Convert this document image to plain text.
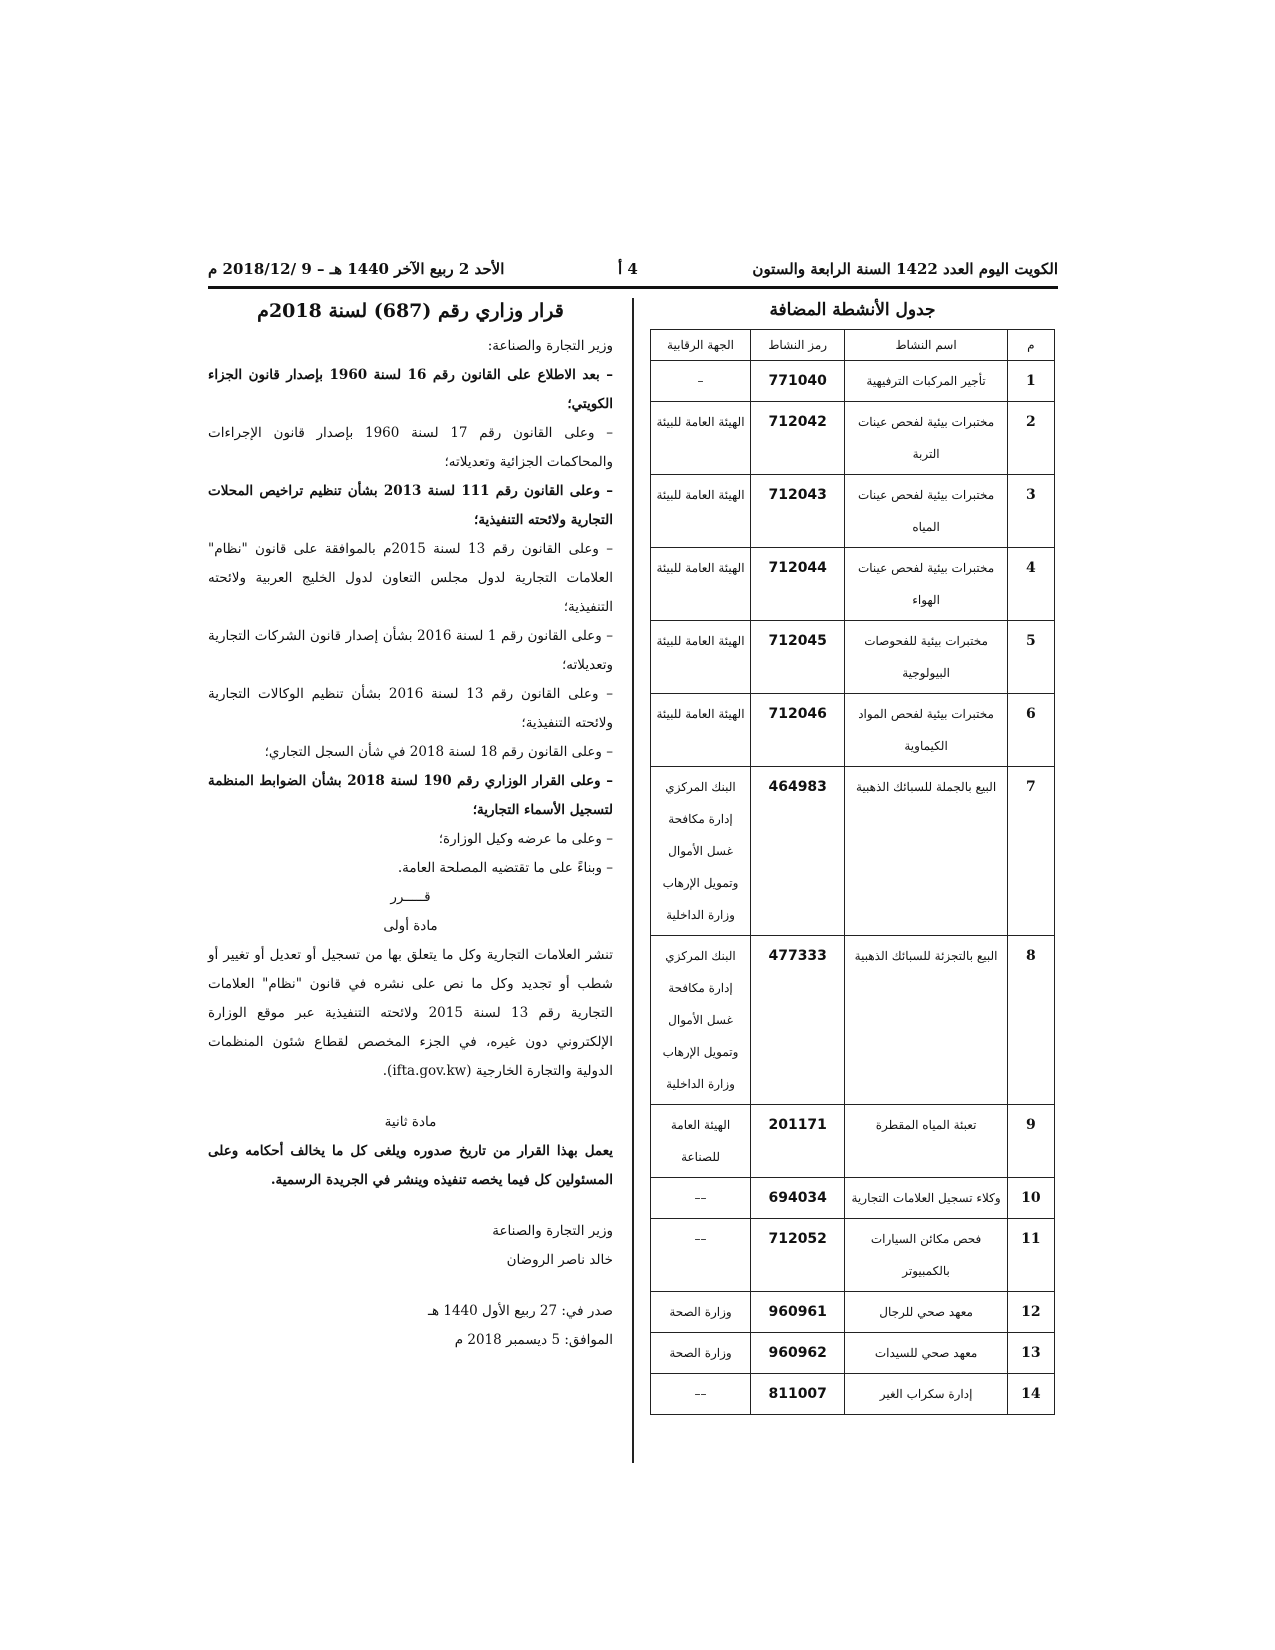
الكويت اليوم العدد 1422 السنة الرابعة والستون
4 أ
الأحد 2 ربيع الآخر 1440 هـ – 9 /2018/12 م
جدول الأنشطة المضافة
م	اسم النشاط	رمز النشاط	الجهة الرقابية
1	تأجير المركبات الترفيهية	771040	–
2	مختبرات بيئية لفحص عينات التربة	712042	الهيئة العامة للبيئة
3	مختبرات بيئية لفحص عينات المياه	712043	الهيئة العامة للبيئة
4	مختبرات بيئية لفحص عينات الهواء	712044	الهيئة العامة للبيئة
5	مختبرات بيئية للفحوصات البيولوجية	712045	الهيئة العامة للبيئة
6	مختبرات بيئية لفحص المواد الكيماوية	712046	الهيئة العامة للبيئة
7	البيع بالجملة للسبائك الذهبية	464983	البنك المركزي إدارة مكافحة غسل الأموال وتمويل الإرهاب وزارة الداخلية
8	البيع بالتجزئة للسبائك الذهبية	477333	البنك المركزي إدارة مكافحة غسل الأموال وتمويل الإرهاب وزارة الداخلية
9	تعبئة المياه المقطرة	201171	الهيئة العامة للصناعة
10	وكلاء تسجيل العلامات التجارية	694034	––
11	فحص مكائن السيارات بالكمبيوتر	712052	––
12	معهد صحي للرجال	960961	وزارة الصحة
13	معهد صحي للسيدات	960962	وزارة الصحة
14	إدارة سكراب الغير	811007	––
قرار وزاري رقم (687) لسنة 2018م

وزير التجارة والصناعة:

– بعد الاطلاع على القانون رقم 16 لسنة 1960 بإصدار قانون الجزاء الكويتي؛

– وعلى القانون رقم 17 لسنة 1960 بإصدار قانون الإجراءات والمحاكمات الجزائية وتعديلاته؛

– وعلى القانون رقم 111 لسنة 2013 بشأن تنظيم تراخيص المحلات التجارية ولائحته التنفيذية؛

– وعلى القانون رقم 13 لسنة 2015م بالموافقة على قانون "نظام" العلامات التجارية لدول مجلس التعاون لدول الخليج العربية ولائحته التنفيذية؛

– وعلى القانون رقم 1 لسنة 2016 بشأن إصدار قانون الشركات التجارية وتعديلاته؛

– وعلى القانون رقم 13 لسنة 2016 بشأن تنظيم الوكالات التجارية ولائحته التنفيذية؛

– وعلى القانون رقم 18 لسنة 2018 في شأن السجل التجاري؛

– وعلى القرار الوزاري رقم 190 لسنة 2018 بشأن الضوابط المنظمة لتسجيل الأسماء التجارية؛

– وعلى ما عرضه وكيل الوزارة؛

– وبناءً على ما تقتضيه المصلحة العامة.

قـــــرر

مادة أولى

تنشر العلامات التجارية وكل ما يتعلق بها من تسجيل أو تعديل أو تغيير أو شطب أو تجديد وكل ما نص على نشره في قانون "نظام" العلامات التجارية رقم 13 لسنة 2015 ولائحته التنفيذية عبر موقع الوزارة الإلكتروني دون غيره، في الجزء المخصص لقطاع شئون المنظمات الدولية والتجارة الخارجية (ifta.gov.kw).

مادة ثانية

يعمل بهذا القرار من تاريخ صدوره ويلغى كل ما يخالف أحكامه وعلى المسئولين كل فيما يخصه تنفيذه وينشر في الجريدة الرسمية.

وزير التجارة والصناعة

خالد ناصر الروضان

صدر في: 27 ربيع الأول 1440 هـ

الموافق: 5 ديسمبر 2018 م
